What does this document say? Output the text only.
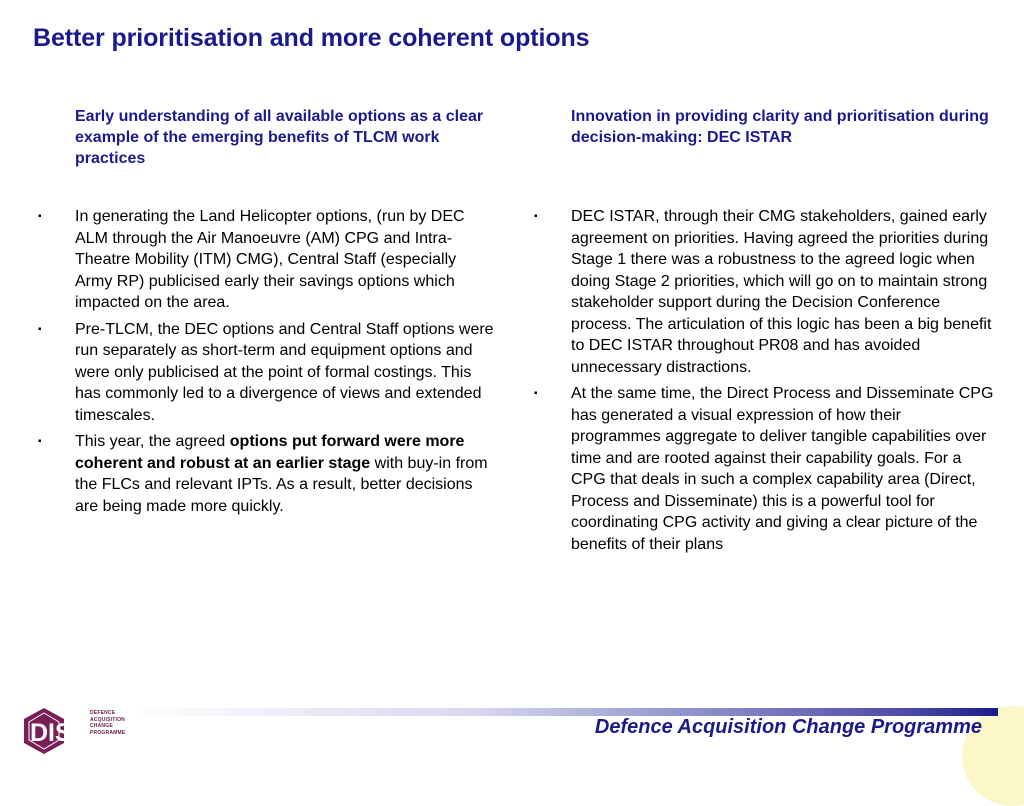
Better prioritisation and more coherent options
Early understanding of all available options as a clear example of the emerging benefits of TLCM work practices
▪ In generating the Land Helicopter options, (run by DEC ALM through the Air Manoeuvre (AM) CPG and Intra-Theatre Mobility (ITM) CMG), Central Staff (especially Army RP) publicised early their savings options which impacted on the area.
▪ Pre-TLCM, the DEC options and Central Staff options were run separately as short-term and equipment options and were only publicised at the point of formal costings. This has commonly led to a divergence of views and extended timescales.
▪ This year, the agreed options put forward were more coherent and robust at an earlier stage with buy-in from the FLCs and relevant IPTs. As a result, better decisions are being made more quickly.
Innovation in providing clarity and prioritisation during decision-making: DEC ISTAR
▪ DEC ISTAR, through their CMG stakeholders, gained early agreement on priorities. Having agreed the priorities during Stage 1 there was a robustness to the agreed logic when doing Stage 2 priorities, which will go on to maintain strong stakeholder support during the Decision Conference process. The articulation of this logic has been a big benefit to DEC ISTAR throughout PR08 and has avoided unnecessary distractions.
▪ At the same time, the Direct Process and Disseminate CPG has generated a visual expression of how their programmes aggregate to deliver tangible capabilities over time and are rooted against their capability goals. For a CPG that deals in such a complex capability area (Direct, Process and Disseminate) this is a powerful tool for coordinating CPG activity and giving a clear picture of the benefits of their plans
Defence Acquisition Change Programme
DIS
DEFENCE
ACQUISITION
CHANGE
PROGRAMME
